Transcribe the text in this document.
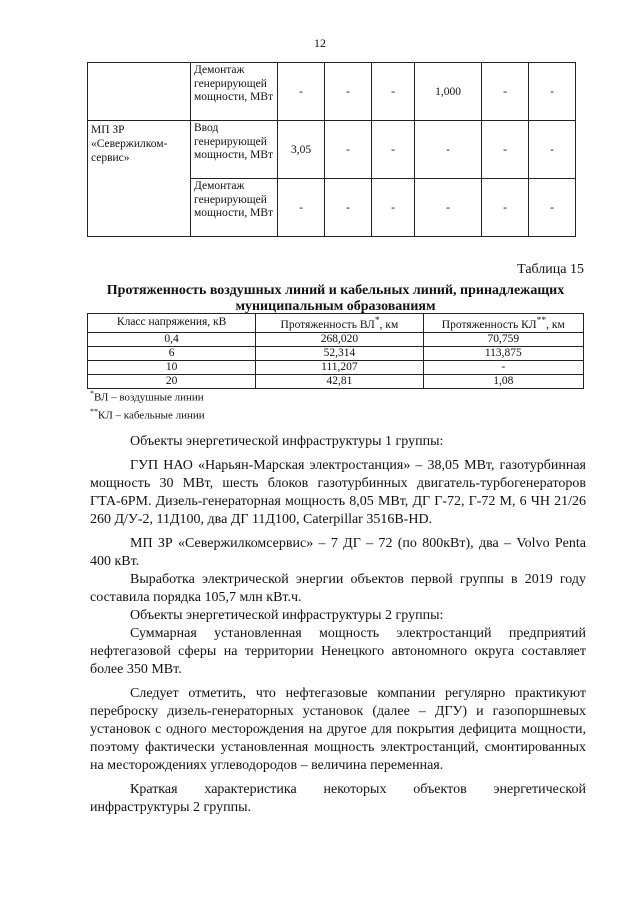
12
	Демонтаж генерирующей мощности, МВт	-	-	-	1,000	-	-
МП ЗР «Севержилком-сервис»	Ввод генерирующей мощности, МВт	3,05	-	-	-	-	-
	Демонтаж генерирующей мощности, МВт	-	-	-	-	-	-
Таблица 15
Протяженность воздушных линий и кабельных линий, принадлежащих муниципальным образованиям
Класс напряжения, кВ	Протяженность ВЛ*, км	Протяженность КЛ**, км
0,4	268,020	70,759
6	52,314	113,875
10	111,207	-
20	42,81	1,08
*ВЛ – воздушные линии
**КЛ – кабельные линии

Объекты энергетической инфраструктуры 1 группы:

ГУП НАО «Нарьян-Марская электростанция» – 38,05 МВт, газотурбинная мощность 30 МВт, шесть блоков газотурбинных двигатель-турбогенераторов ГТА-6РМ. Дизель-генераторная мощность 8,05 МВт, ДГ Г-72, Г-72 М, 6 ЧН 21/26 260 Д/У-2, 11Д100, два ДГ 11Д100, Caterpillar 3516B-HD.

МП ЗР «Севержилкомсервис» – 7 ДГ – 72 (по 800кВт), два – Volvo Penta 400 кВт.

Выработка электрической энергии объектов первой группы в 2019 году составила порядка 105,7 млн кВт.ч.

Объекты энергетической инфраструктуры 2 группы:

Суммарная установленная мощность электростанций предприятий нефтегазовой сферы на территории Ненецкого автономного округа составляет более 350 МВт.

Следует отметить, что нефтегазовые компании регулярно практикуют переброску дизель-генераторных установок (далее – ДГУ) и газопоршневых установок с одного месторождения на другое для покрытия дефицита мощности, поэтому фактически установленная мощность электростанций, смонтированных на месторождениях углеводородов – величина переменная.

Краткая характеристика некоторых объектов энергетической инфраструктуры 2 группы.
